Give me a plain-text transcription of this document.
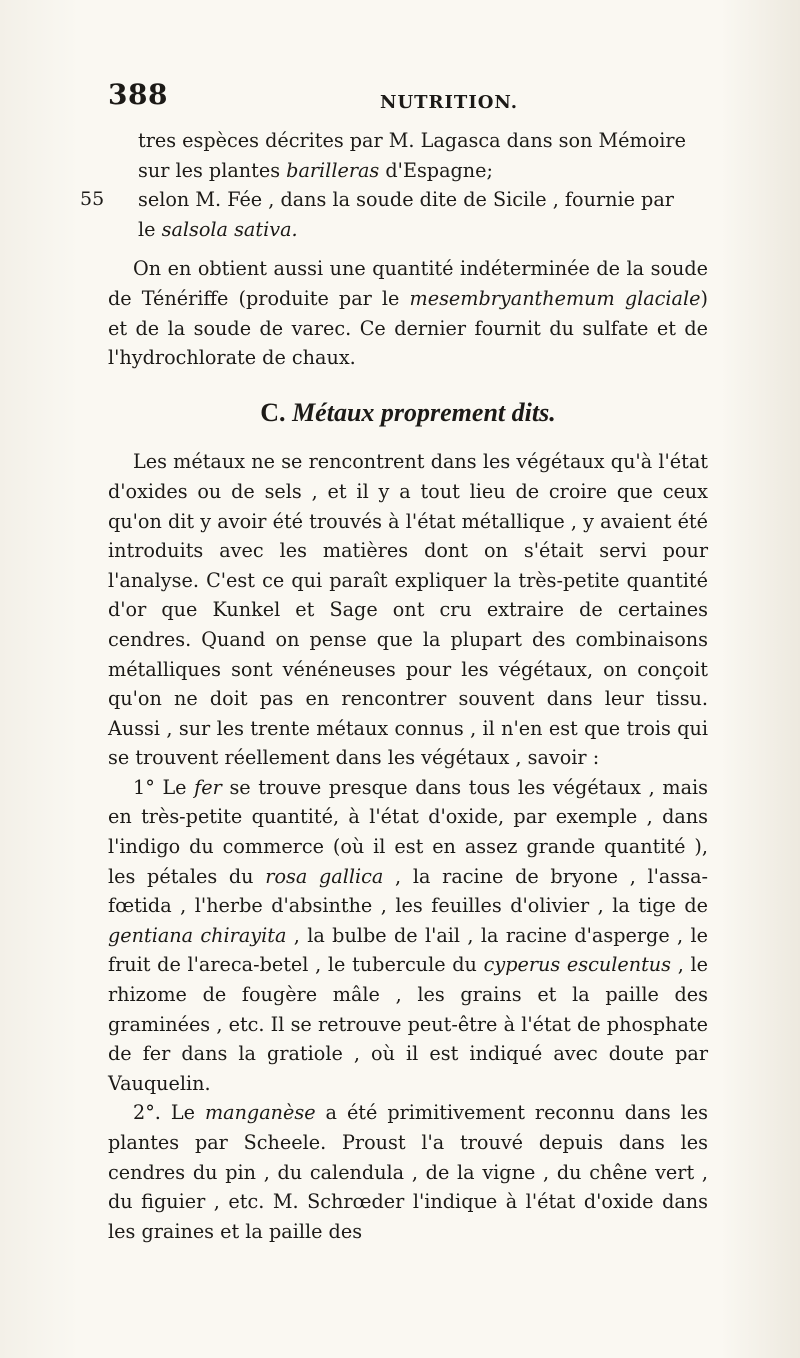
388	NUTRITION.

tres espèces décrites par M. Lagasca dans son Mémoire

sur les plantes barilleras d'Espagne;

55 selon M. Fée , dans la soude dite de Sicile , fournie par

le salsola sativa.

On en obtient aussi une quantité indéterminée de la soude de Ténériffe (produite par le mesembryanthemum glaciale) et de la soude de varec. Ce dernier fournit du sulfate et de l'hydrochlorate de chaux.

C. Métaux proprement dits.

Les métaux ne se rencontrent dans les végétaux qu'à l'état d'oxides ou de sels , et il y a tout lieu de croire que ceux qu'on dit y avoir été trouvés à l'état métallique , y avaient été introduits avec les matières dont on s'était servi pour l'analyse. C'est ce qui paraît expliquer la très-petite quantité d'or que Kunkel et Sage ont cru extraire de certaines cendres. Quand on pense que la plupart des combinaisons métalliques sont vénéneuses pour les végétaux, on conçoit qu'on ne doit pas en rencontrer souvent dans leur tissu. Aussi , sur les trente métaux connus , il n'en est que trois qui se trouvent réellement dans les végétaux , savoir :

1° Le fer se trouve presque dans tous les végétaux , mais en très-petite quantité, à l'état d'oxide, par exemple , dans l'indigo du commerce (où il est en assez grande quantité ), les pétales du rosa gallica , la racine de bryone , l'assa-fœtida , l'herbe d'absinthe , les feuilles d'olivier , la tige de gentiana chirayita , la bulbe de l'ail , la racine d'asperge , le fruit de l'areca-betel , le tubercule du cyperus esculentus , le rhizome de fougère mâle , les grains et la paille des graminées , etc. Il se retrouve peut-être à l'état de phosphate de fer dans la gratiole , où il est indiqué avec doute par Vauquelin.

2°. Le manganèse a été primitivement reconnu dans les plantes par Scheele. Proust l'a trouvé depuis dans les cendres du pin , du calendula , de la vigne , du chêne vert , du figuier , etc. M. Schrœder l'indique à l'état d'oxide dans les graines et la paille des
